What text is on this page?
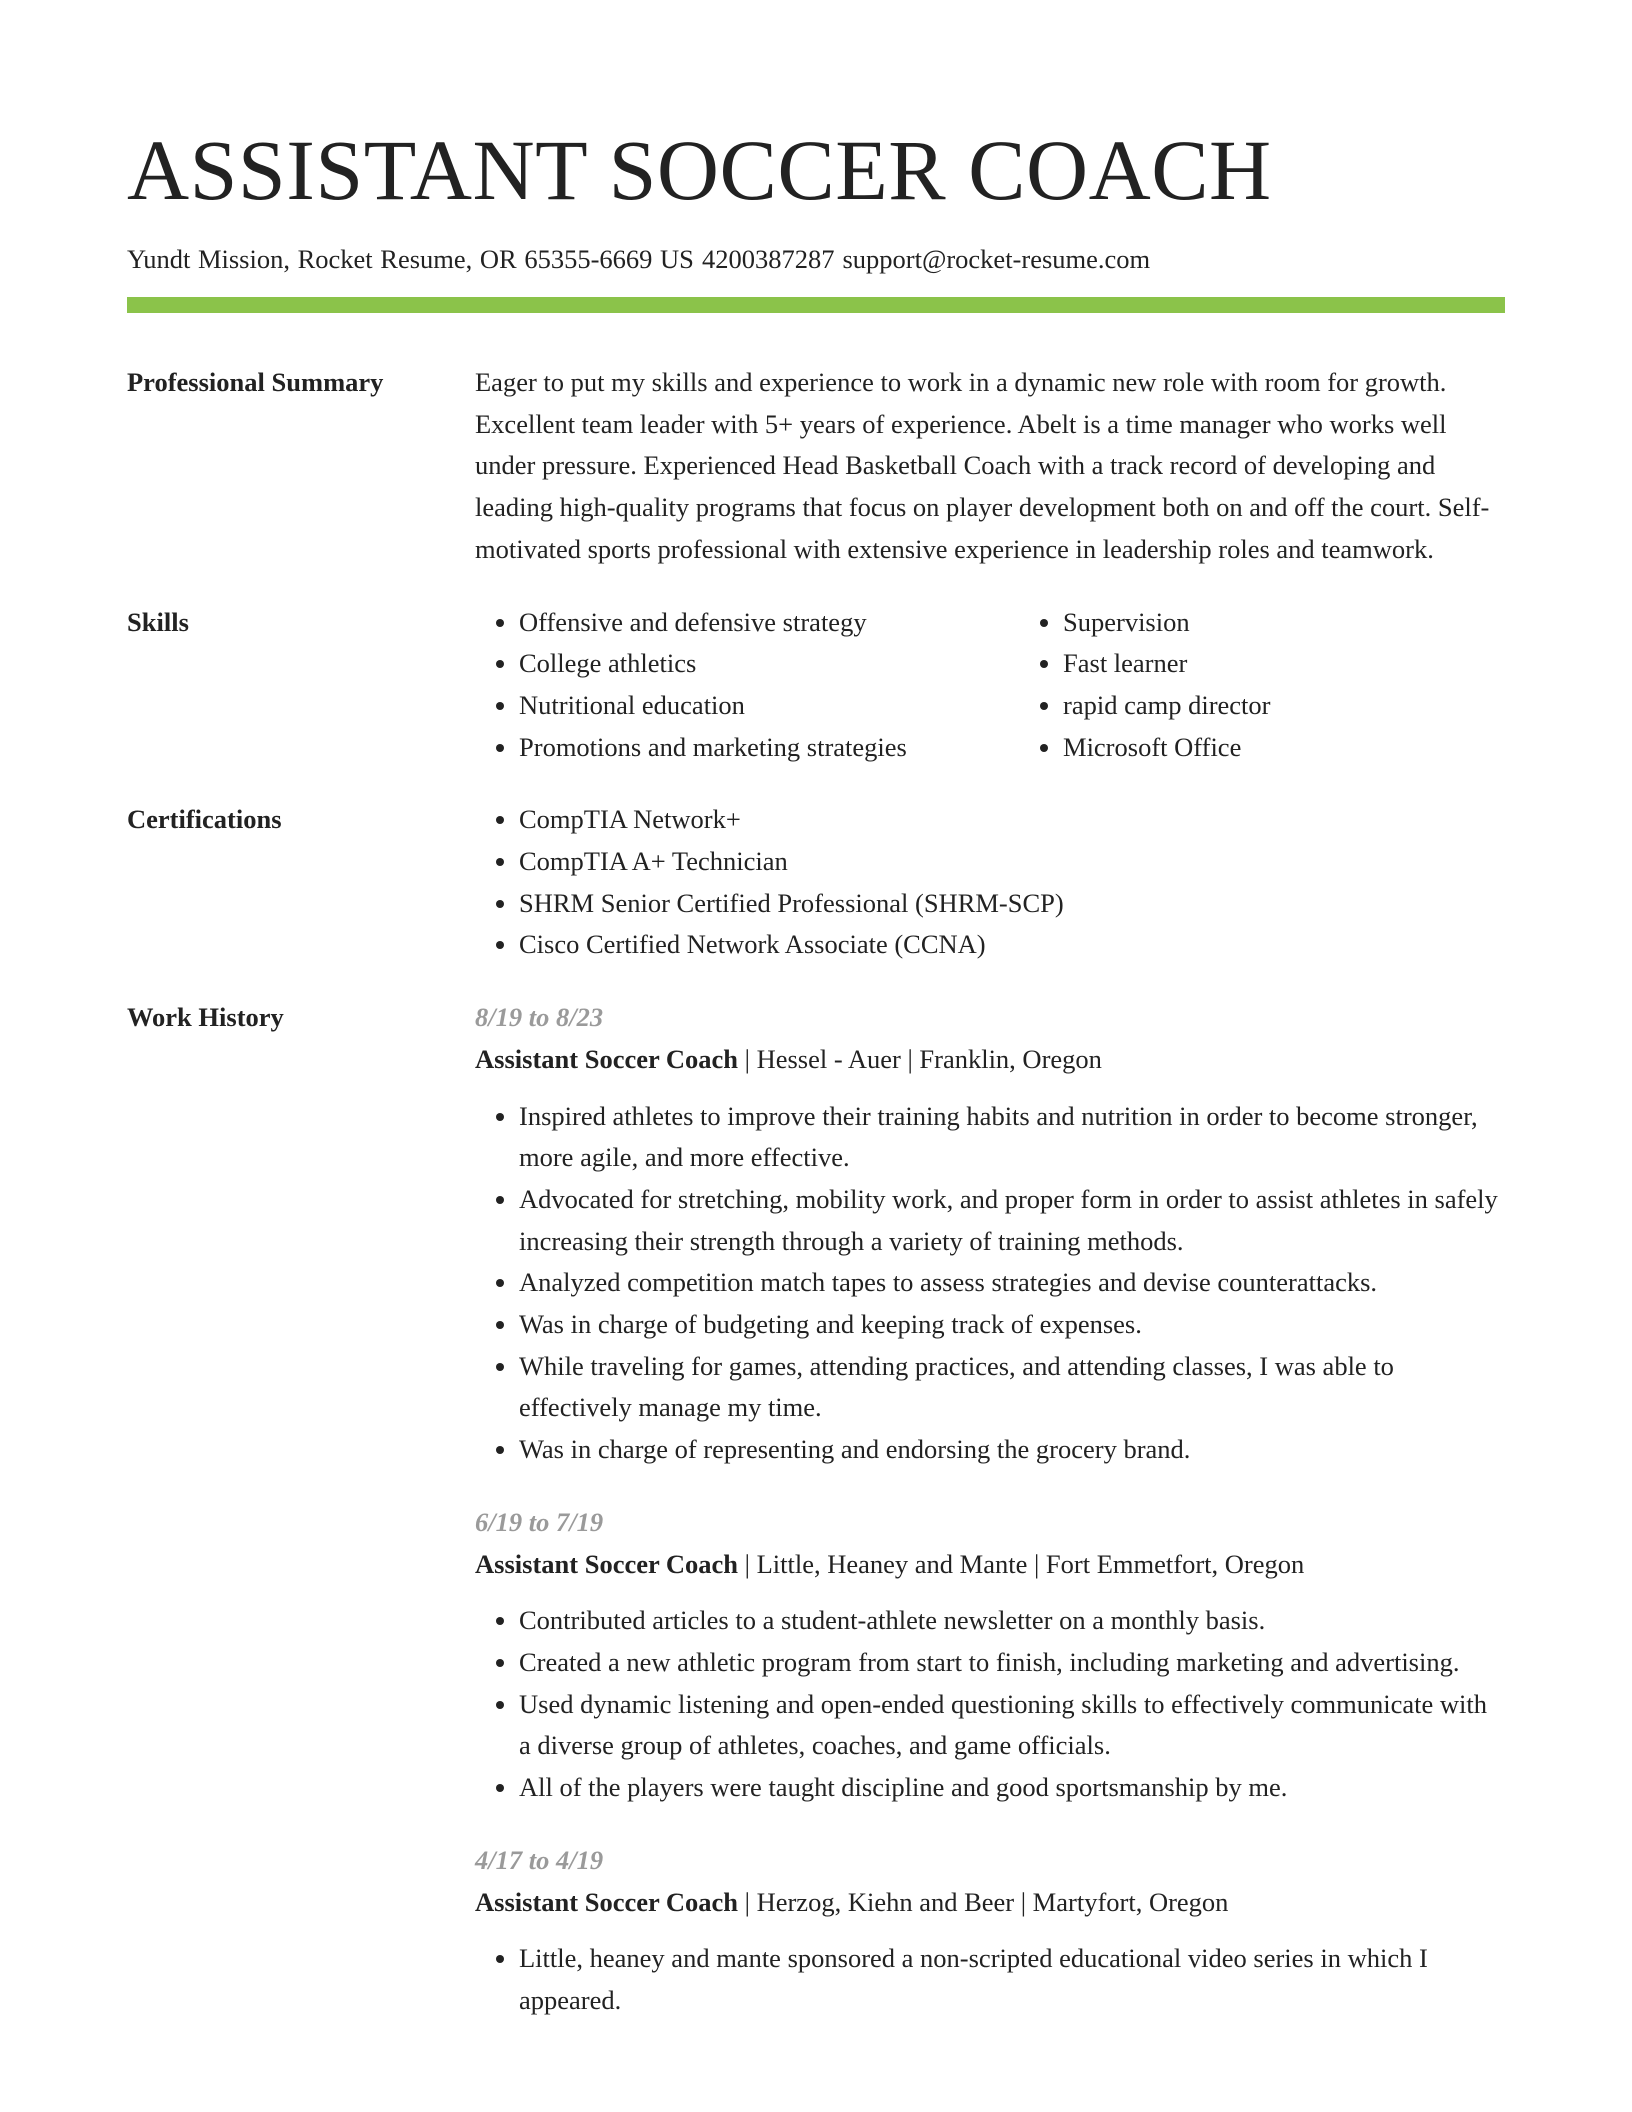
ASSISTANT SOCCER COACH
Yundt Mission, Rocket Resume, OR 65355-6669 US 4200387287 support@rocket-resume.com
Professional Summary	Eager to put my skills and experience to work in a dynamic new role with room for growth. Excellent team leader with 5+ years of experience. Abelt is a time manager who works well under pressure. Experienced Head Basketball Coach with a track record of developing and leading high-quality programs that focus on player development both on and off the court. Self-motivated sports professional with extensive experience in leadership roles and teamwork.

Skills	• Offensive and defensive strategy
• College athletics
• Nutritional education
• Promotions and marketing strategies
• Supervision
• Fast learner
• rapid camp director
• Microsoft Office
Certifications	• CompTIA Network+
• CompTIA A+ Technician
• SHRM Senior Certified Professional (SHRM-SCP)
• Cisco Certified Network Associate (CCNA)
Work History	8/19 to 8/23

Assistant Soccer Coach | Hessel - Auer | Franklin, Oregon

• Inspired athletes to improve their training habits and nutrition in order to become stronger, more agile, and more effective.
• Advocated for stretching, mobility work, and proper form in order to assist athletes in safely increasing their strength through a variety of training methods.
• Analyzed competition match tapes to assess strategies and devise counterattacks.
• Was in charge of budgeting and keeping track of expenses.
• While traveling for games, attending practices, and attending classes, I was able to effectively manage my time.
• Was in charge of representing and endorsing the grocery brand.
6/19 to 7/19

Assistant Soccer Coach | Little, Heaney and Mante | Fort Emmetfort, Oregon

• Contributed articles to a student-athlete newsletter on a monthly basis.
• Created a new athletic program from start to finish, including marketing and advertising.
• Used dynamic listening and open-ended questioning skills to effectively communicate with a diverse group of athletes, coaches, and game officials.
• All of the players were taught discipline and good sportsmanship by me.
4/17 to 4/19

Assistant Soccer Coach | Herzog, Kiehn and Beer | Martyfort, Oregon

• Little, heaney and mante sponsored a non-scripted educational video series in which I appeared.
